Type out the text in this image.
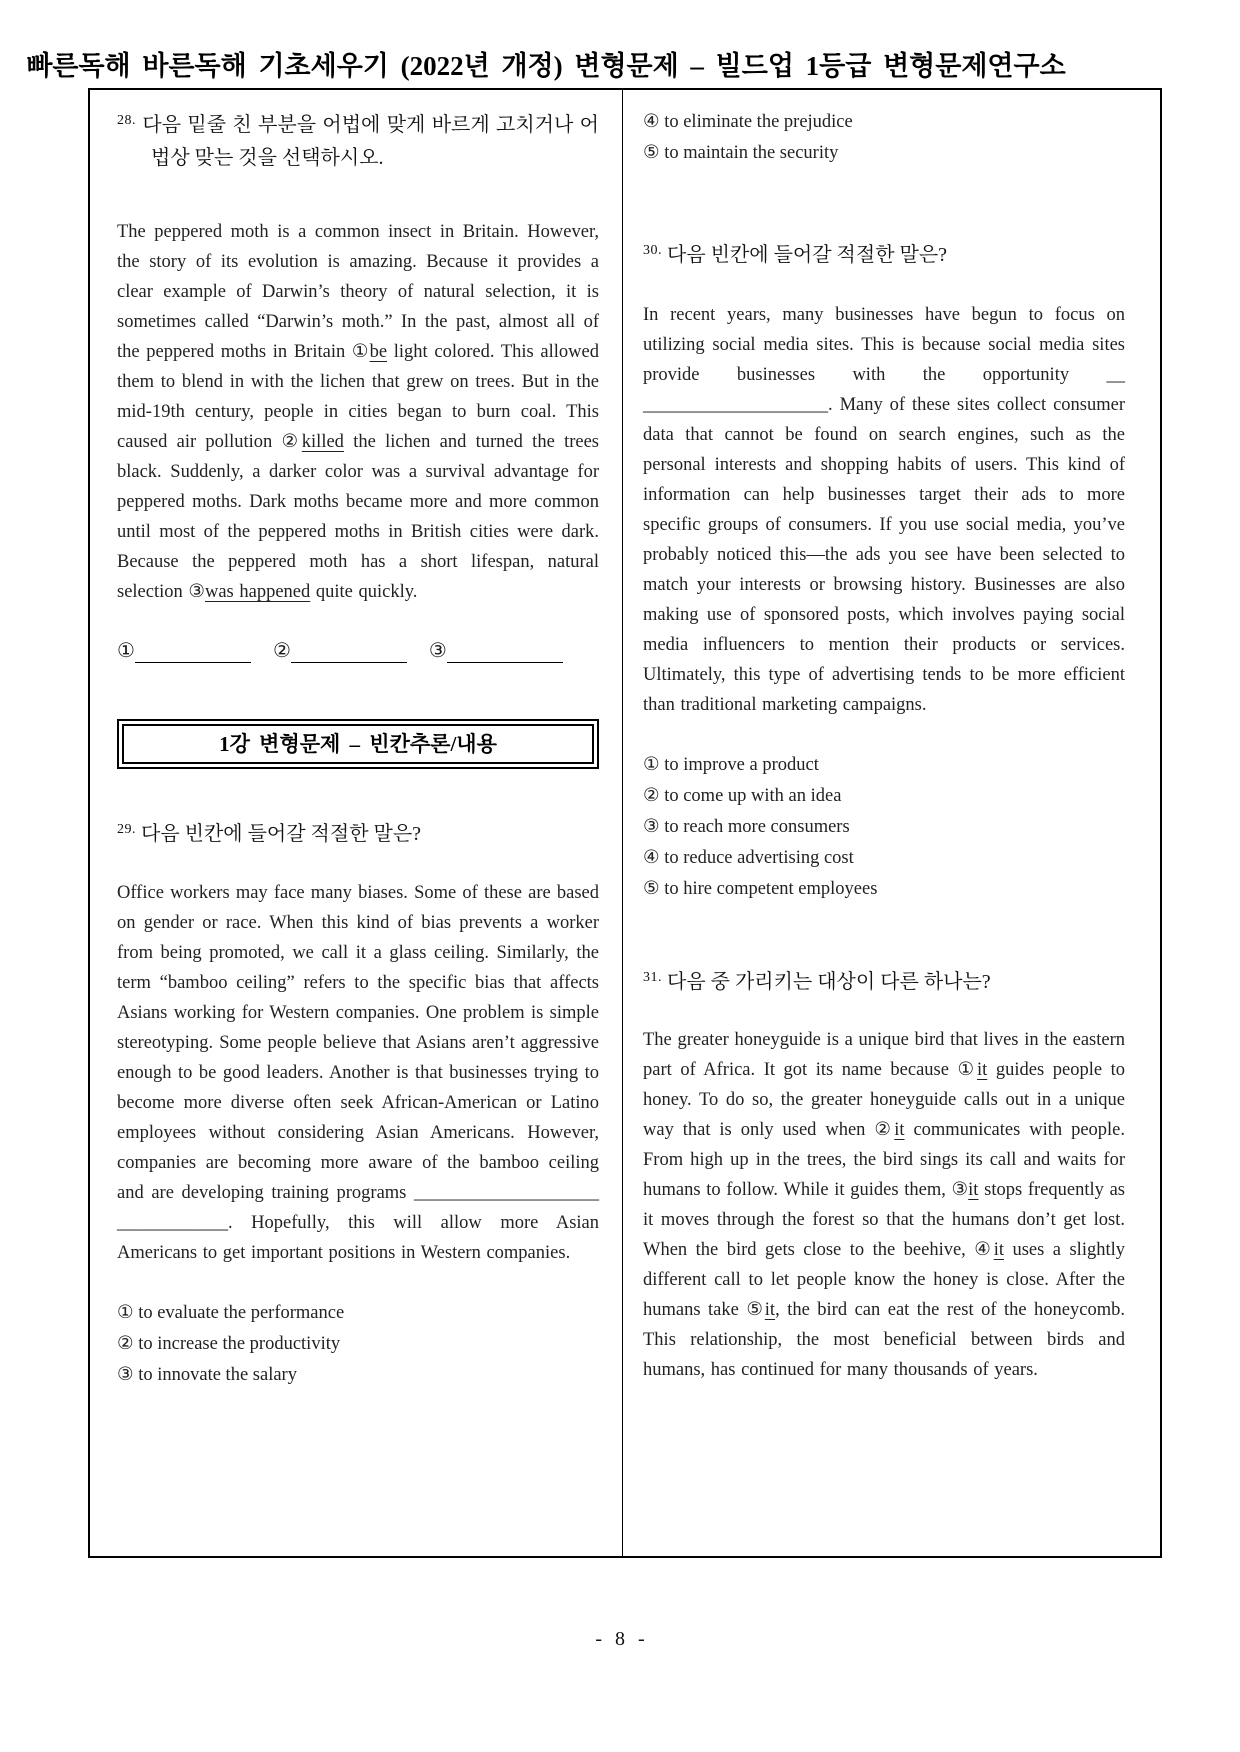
빠른독해 바른독해 기초세우기 (2022년 개정) 변형문제 – 빌드업 1등급 변형문제연구소
$^{28.}$ 다음 밑줄 친 부분을 어법에 맞게 바르게 고치거나 어법상 맞는 것을 선택하시오.
The peppered moth is a common insect in Britain. However, the story of its evolution is amazing. Because it provides a clear example of Darwin’s theory of natural selection, it is sometimes called “Darwin’s moth.” In the past, almost all of the peppered moths in Britain ①be light colored. This allowed them to blend in with the lichen that grew on trees. But in the mid-19th century, people in cities began to burn coal. This caused air pollution ②killed the lichen and turned the trees black. Suddenly, a darker color was a survival advantage for peppered moths. Dark moths became more and more common until most of the peppered moths in British cities were dark. Because the peppered moth has a short lifespan, natural selection ③was happened quite quickly.
①	②	③
1강 변형문제 – 빈칸추론/내용
$^{29.}$ 다음 빈칸에 들어갈 적절한 말은?
Office workers may face many biases. Some of these are based on gender or race. When this kind of bias prevents a worker from being promoted, we call it a glass ceiling. Similarly, the term “bamboo ceiling” refers to the specific bias that affects Asians working for Western companies. One problem is simple stereotyping. Some people believe that Asians aren’t aggressive enough to be good leaders. Another is that businesses trying to become more diverse often seek African-American or Latino employees without considering Asian Americans. However, companies are becoming more aware of the bamboo ceiling and are developing training programs ____________________ ____________. Hopefully, this will allow more Asian Americans to get important positions in Western companies.
① to evaluate the performance
② to increase the productivity
③ to innovate the salary
④ to eliminate the prejudice
⑤ to maintain the security
$^{30.}$ 다음 빈칸에 들어갈 적절한 말은?
In recent years, many businesses have begun to focus on utilizing social media sites. This is because social media sites provide businesses with the opportunity __ ____________________. Many of these sites collect consumer data that cannot be found on search engines, such as the personal interests and shopping habits of users. This kind of information can help businesses target their ads to more specific groups of consumers. If you use social media, you’ve probably noticed this—the ads you see have been selected to match your interests or browsing history. Businesses are also making use of sponsored posts, which involves paying social media influencers to mention their products or services. Ultimately, this type of advertising tends to be more efficient than traditional marketing campaigns.
① to improve a product
② to come up with an idea
③ to reach more consumers
④ to reduce advertising cost
⑤ to hire competent employees
$^{31.}$ 다음 중 가리키는 대상이 다른 하나는?
The greater honeyguide is a unique bird that lives in the eastern part of Africa. It got its name because ①it guides people to honey. To do so, the greater honeyguide calls out in a unique way that is only used when ②it communicates with people. From high up in the trees, the bird sings its call and waits for humans to follow. While it guides them, ③it stops frequently as it moves through the forest so that the humans don’t get lost. When the bird gets close to the beehive, ④it uses a slightly different call to let people know the honey is close. After the humans take ⑤it, the bird can eat the rest of the honeycomb. This relationship, the most beneficial between birds and humans, has continued for many thousands of years.
- 8 -
